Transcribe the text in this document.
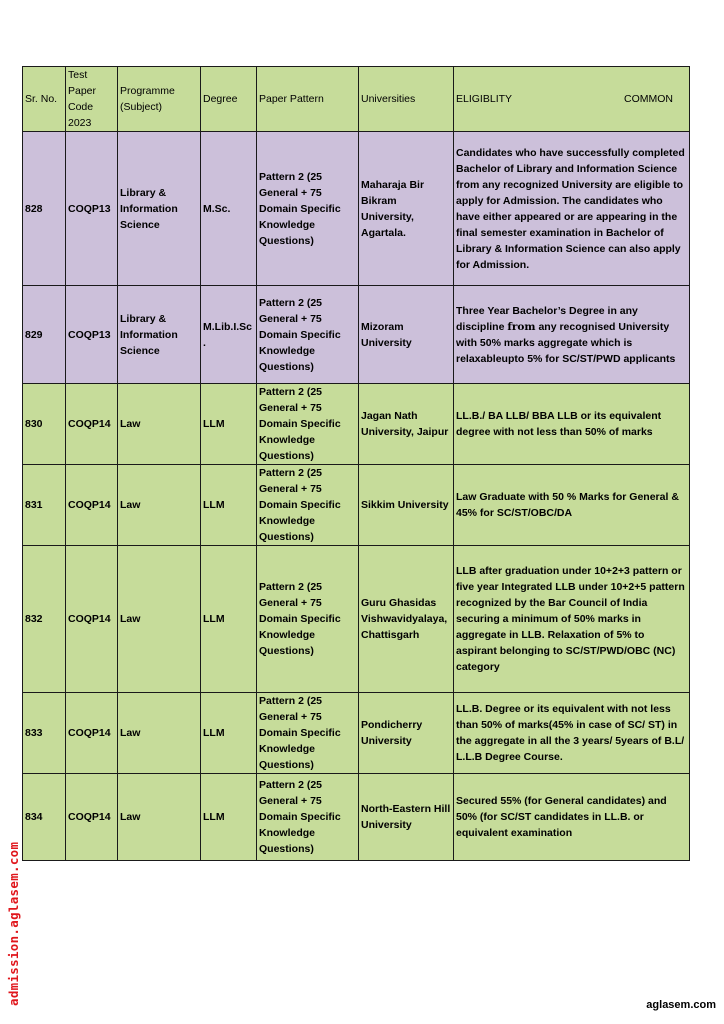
Sr. No.	Test Paper Code 2023	Programme (Subject)	Degree	Paper Pattern	Universities	ELIGIBLITY COMMON

828	COQP13	Library & Information Science	M.Sc.	Pattern 2 (25 General + 75 Domain Specific Knowledge Questions)	Maharaja Bir Bikram University, Agartala.	Candidates who have successfully completed Bachelor of Library and Information Science from any recognized University are eligible to apply for Admission. The candidates who have either appeared or are appearing in the final semester examination in Bachelor of Library & Information Science can also apply for Admission.
829	COQP13	Library & Information Science	M.Lib.I.Sc.	Pattern 2 (25 General + 75 Domain Specific Knowledge Questions)	Mizoram University	Three Year Bachelor’s Degree in any discipline from any recognised University with 50% marks aggregate which is relaxableupto 5% for SC/ST/PWD applicants
830	COQP14	Law	LLM	Pattern 2 (25 General + 75 Domain Specific Knowledge Questions)	Jagan Nath University, Jaipur	LL.B./ BA LLB/ BBA LLB or its equivalent degree with not less than 50% of marks
831	COQP14	Law	LLM	Pattern 2 (25 General + 75 Domain Specific Knowledge Questions)	Sikkim University	Law Graduate with 50 % Marks for General & 45% for SC/ST/OBC/DA
832	COQP14	Law	LLM	Pattern 2 (25 General + 75 Domain Specific Knowledge Questions)	Guru Ghasidas Vishwavidyalaya, Chattisgarh	LLB after graduation under 10+2+3 pattern or five year Integrated LLB under 10+2+5 pattern recognized by the Bar Council of India securing a minimum of 50% marks in aggregate in LLB. Relaxation of 5% to aspirant belonging to SC/ST/PWD/OBC (NC) category
833	COQP14	Law	LLM	Pattern 2 (25 General + 75 Domain Specific Knowledge Questions)	Pondicherry University	LL.B. Degree or its equivalent with not less than 50% of marks(45% in case of SC/ ST) in the aggregate in all the 3 years/ 5years of B.L/ L.L.B Degree Course.
834	COQP14	Law	LLM	Pattern 2 (25 General + 75 Domain Specific Knowledge Questions)	North-Eastern Hill University	Secured 55% (for General candidates) and 50% (for SC/ST candidates in LL.B. or equivalent examination
admission.aglasem.com	aglasem.com
